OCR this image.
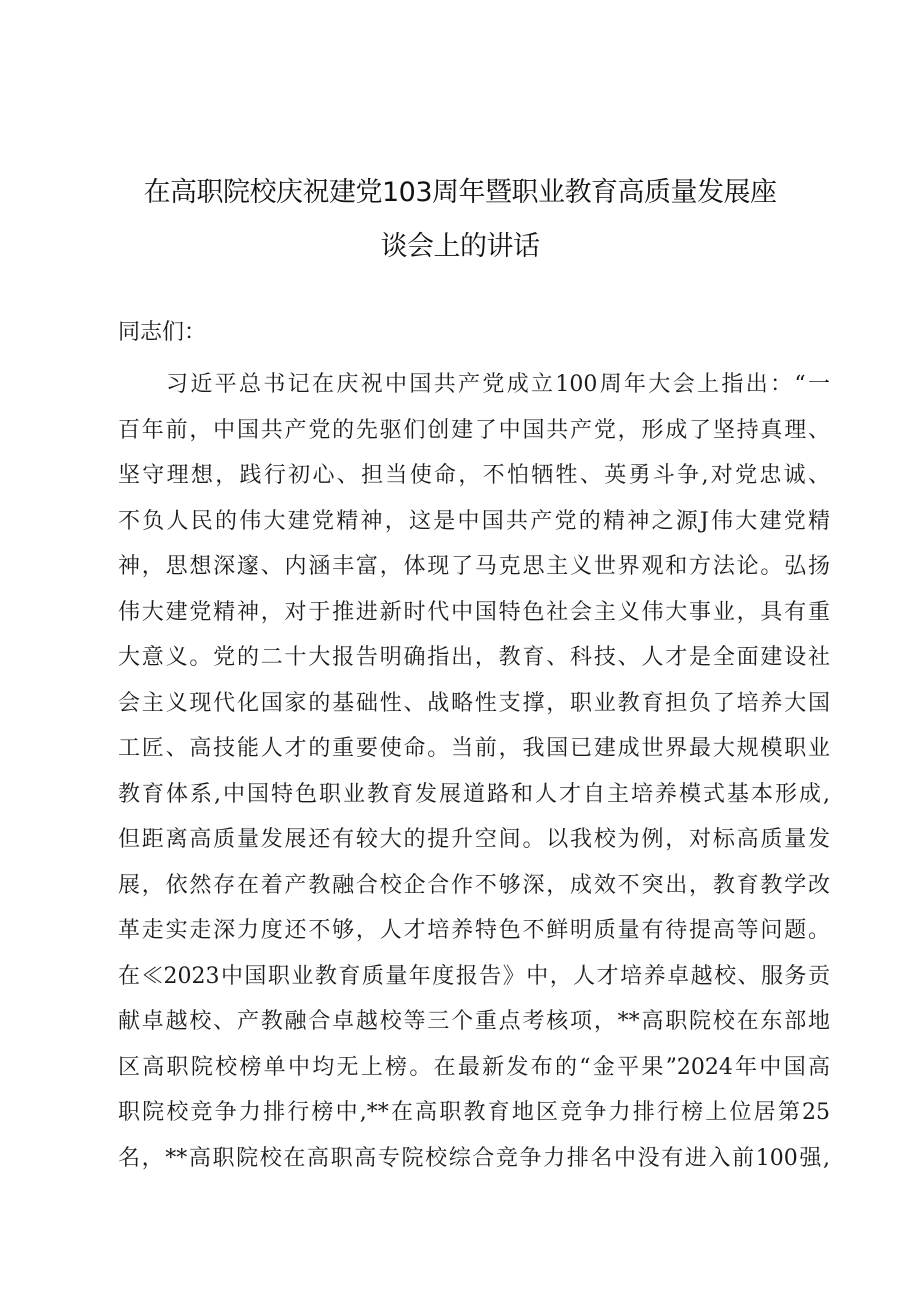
在高职院校庆祝建党103周年暨职业教育高质量发展座
谈会上的讲话

同志们：

习近平总书记在庆祝中国共产党成立100周年大会上指出：“一
百年前，中国共产党的先驱们创建了中国共产党，形成了坚持真理、
坚守理想，践行初心、担当使命，不怕牺牲、英勇斗争,对党忠诚、
不负人民的伟大建党精神，这是中国共产党的精神之源J伟大建党精
神，思想深邃、内涵丰富，体现了马克思主义世界观和方法论。弘扬
伟大建党精神，对于推进新时代中国特色社会主义伟大事业，具有重
大意义。党的二十大报告明确指出，教育、科技、人才是全面建设社
会主义现代化国家的基础性、战略性支撑，职业教育担负了培养大国
工匠、高技能人才的重要使命。当前，我国已建成世界最大规模职业
教育体系,中国特色职业教育发展道路和人才自主培养模式基本形成,
但距离高质量发展还有较大的提升空间。以我校为例，对标高质量发
展，依然存在着产教融合校企合作不够深，成效不突出，教育教学改
革走实走深力度还不够，人才培养特色不鲜明质量有待提高等问题。
在≪2023中国职业教育质量年度报告》中，人才培养卓越校、服务贡
献卓越校、产教融合卓越校等三个重点考核项，**高职院校在东部地
区高职院校榜单中均无上榜。在最新发布的“金平果”2024年中国高
职院校竞争力排行榜中,**在高职教育地区竞争力排行榜上位居第25
名，**高职院校在高职高专院校综合竞争力排名中没有进入前100强,
